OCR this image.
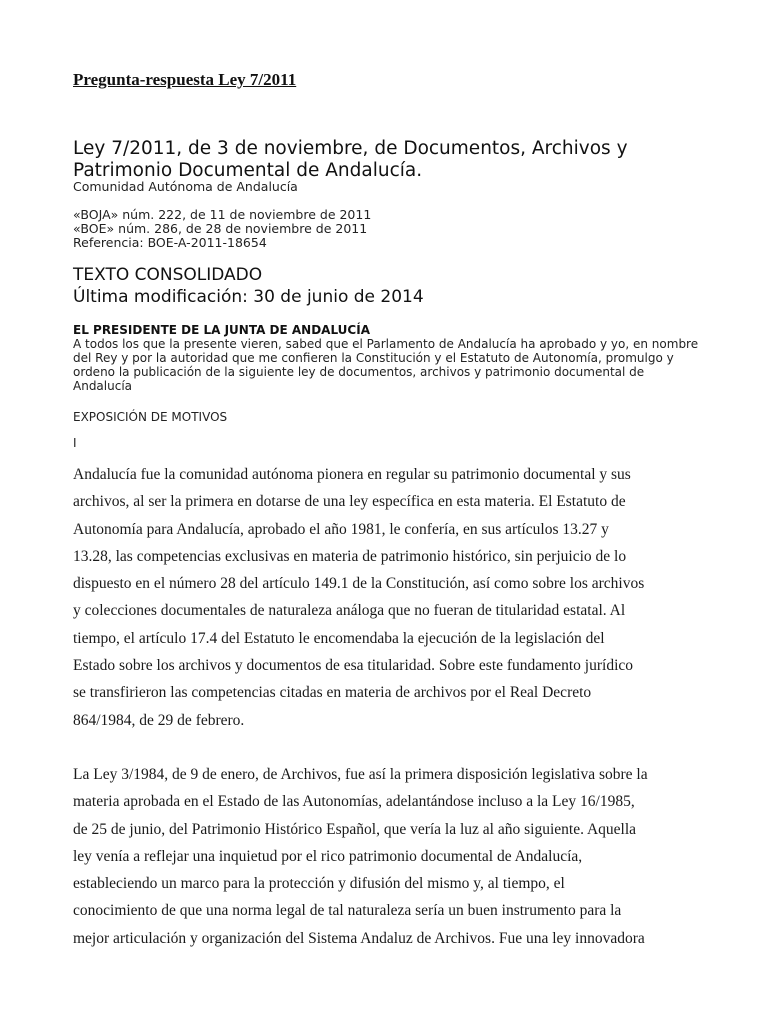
Pregunta-respuesta Ley 7/2011
Ley 7/2011, de 3 de noviembre, de Documentos, Archivos y Patrimonio Documental de Andalucía.
Comunidad Autónoma de Andalucía
«BOJA» núm. 222, de 11 de noviembre de 2011
«BOE» núm. 286, de 28 de noviembre de 2011
Referencia: BOE-A-2011-18654
TEXTO CONSOLIDADO
Última modificación: 30 de junio de 2014
EL PRESIDENTE DE LA JUNTA DE ANDALUCÍA
A todos los que la presente vieren, sabed que el Parlamento de Andalucía ha aprobado y yo, en nombre del Rey y por la autoridad que me confieren la Constitución y el Estatuto de Autonomía, promulgo y ordeno la publicación de la siguiente ley de documentos, archivos y patrimonio documental de Andalucía
EXPOSICIÓN DE MOTIVOS
I

Andalucía fue la comunidad autónoma pionera en regular su patrimonio documental y sus
archivos, al ser la primera en dotarse de una ley específica en esta materia. El Estatuto de
Autonomía para Andalucía, aprobado el año 1981, le confería, en sus artículos 13.27 y
13.28, las competencias exclusivas en materia de patrimonio histórico, sin perjuicio de lo
dispuesto en el número 28 del artículo 149.1 de la Constitución, así como sobre los archivos
y colecciones documentales de naturaleza análoga que no fueran de titularidad estatal. Al
tiempo, el artículo 17.4 del Estatuto le encomendaba la ejecución de la legislación del
Estado sobre los archivos y documentos de esa titularidad. Sobre este fundamento jurídico
se transfirieron las competencias citadas en materia de archivos por el Real Decreto
864/1984, de 29 de febrero.

La Ley 3/1984, de 9 de enero, de Archivos, fue así la primera disposición legislativa sobre la
materia aprobada en el Estado de las Autonomías, adelantándose incluso a la Ley 16/1985,
de 25 de junio, del Patrimonio Histórico Español, que vería la luz al año siguiente. Aquella
ley venía a reflejar una inquietud por el rico patrimonio documental de Andalucía,
estableciendo un marco para la protección y difusión del mismo y, al tiempo, el
conocimiento de que una norma legal de tal naturaleza sería un buen instrumento para la
mejor articulación y organización del Sistema Andaluz de Archivos. Fue una ley innovadora
